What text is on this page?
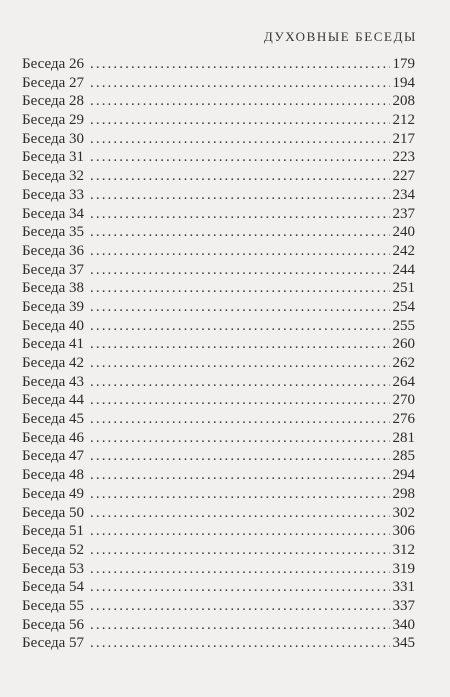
ДУХОВНЫЕ БЕСЕДЫ
Беседа 26 .....	179
Беседа 27 .....	194
Беседа 28 .....	208
Беседа 29 .....	212
Беседа 30 .....	217
Беседа 31 .....	223
Беседа 32 .....	227
Беседа 33 .....	234
Беседа 34 .....	237
Беседа 35 .....	240
Беседа 36 .....	242
Беседа 37 .....	244
Беседа 38 .....	251
Беседа 39 .....	254
Беседа 40 .....	255
Беседа 41 .....	260
Беседа 42 .....	262
Беседа 43 .....	264
Беседа 44 .....	270
Беседа 45 .....	276
Беседа 46 .....	281
Беседа 47 .....	285
Беседа 48 .....	294
Беседа 49 .....	298
Беседа 50 .....	302
Беседа 51 .....	306
Беседа 52 .....	312
Беседа 53 .....	319
Беседа 54 .....	331
Беседа 55 .....	337
Беседа 56 .....	340
Беседа 57 .....	345
